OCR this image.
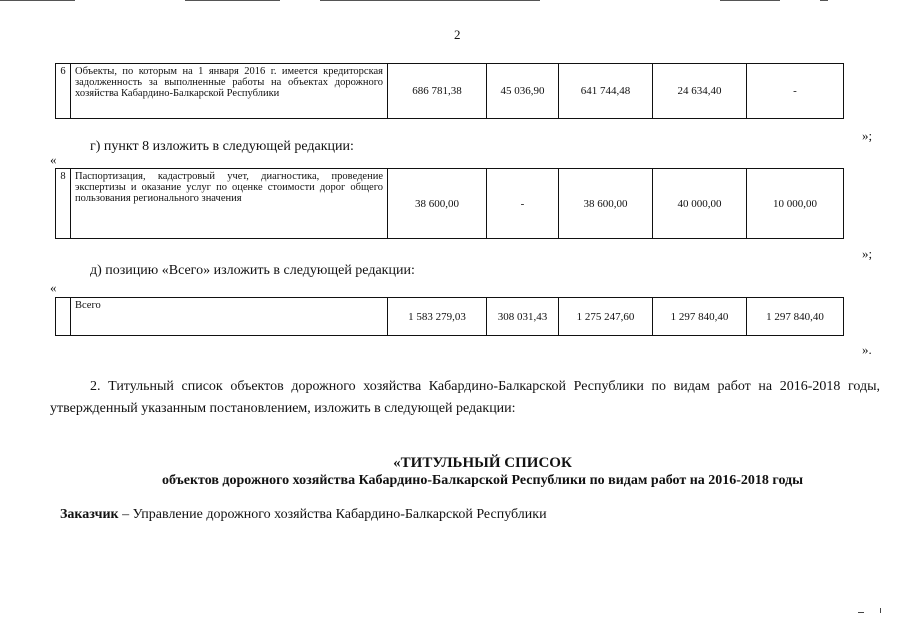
2
6	Объекты, по которым на 1 января 2016 г. имеется кредиторская задолженность за выполненные работы на объектах дорожного хозяйства Кабардино-Балкарской Республики	686 781,38	45 036,90	641 744,48	24 634,40	-
»;
г) пункт 8 изложить в следующей редакции:
«
8	Паспортизация, кадастровый учет, диагностика, проведение экспертизы и оказание услуг по оценке стоимости дорог общего пользования регионального значения	38 600,00	-	38 600,00	40 000,00	10 000,00
»;
д) позицию «Всего» изложить в следующей редакции:
«
	Всего	1 583 279,03	308 031,43	1 275 247,60	1 297 840,40	1 297 840,40
».
2. Титульный список объектов дорожного хозяйства Кабардино-Балкарской Республики по видам работ на 2016-2018 годы, утвержденный указанным постановлением, изложить в следующей редакции:
«ТИТУЛЬНЫЙ СПИСОК
объектов дорожного хозяйства Кабардино-Балкарской Республики по видам работ на 2016-2018 годы
Заказчик – Управление дорожного хозяйства Кабардино-Балкарской Республики
